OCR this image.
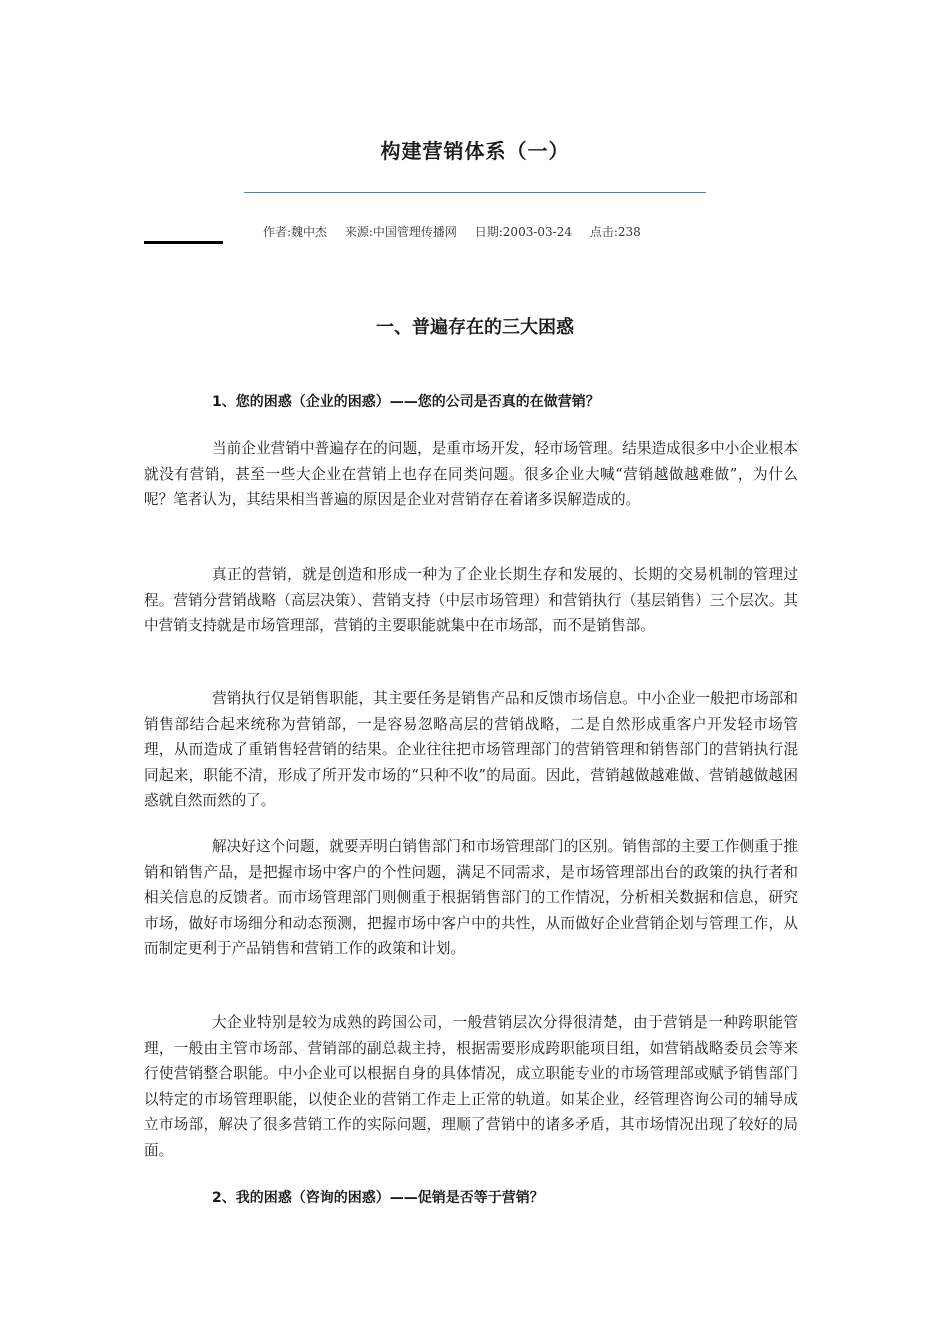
构建营销体系（一）
作者:魏中杰 来源:中国管理传播网 日期:2003-03-24 点击:238
一、普遍存在的三大困惑
1、您的困惑（企业的困惑）——您的公司是否真的在做营销？

当前企业营销中普遍存在的问题，是重市场开发，轻市场管理。结果造成很多中小企业根本就没有营销，甚至一些大企业在营销上也存在同类问题。很多企业大喊“营销越做越难做”，为什么呢？笔者认为，其结果相当普遍的原因是企业对营销存在着诸多误解造成的。

真正的营销，就是创造和形成一种为了企业长期生存和发展的、长期的交易机制的管理过程。营销分营销战略（高层决策）、营销支持（中层市场管理）和营销执行（基层销售）三个层次。其中营销支持就是市场管理部，营销的主要职能就集中在市场部，而不是销售部。

营销执行仅是销售职能，其主要任务是销售产品和反馈市场信息。中小企业一般把市场部和销售部结合起来统称为营销部，一是容易忽略高层的营销战略，二是自然形成重客户开发轻市场管理，从而造成了重销售轻营销的结果。企业往往把市场管理部门的营销管理和销售部门的营销执行混同起来，职能不清，形成了所开发市场的“只种不收”的局面。因此，营销越做越难做、营销越做越困惑就自然而然的了。

解决好这个问题，就要弄明白销售部门和市场管理部门的区别。销售部的主要工作侧重于推销和销售产品，是把握市场中客户的个性问题，满足不同需求，是市场管理部出台的政策的执行者和相关信息的反馈者。而市场管理部门则侧重于根据销售部门的工作情况，分析相关数据和信息，研究市场，做好市场细分和动态预测，把握市场中客户中的共性，从而做好企业营销企划与管理工作，从而制定更利于产品销售和营销工作的政策和计划。

大企业特别是较为成熟的跨国公司，一般营销层次分得很清楚，由于营销是一种跨职能管理，一般由主管市场部、营销部的副总裁主持，根据需要形成跨职能项目组，如营销战略委员会等来行使营销整合职能。中小企业可以根据自身的具体情况，成立职能专业的市场管理部或赋予销售部门以特定的市场管理职能，以使企业的营销工作走上正常的轨道。如某企业，经管理咨询公司的辅导成立市场部，解决了很多营销工作的实际问题，理顺了营销中的诸多矛盾，其市场情况出现了较好的局面。

2、我的困惑（咨询的困惑）——促销是否等于营销？
